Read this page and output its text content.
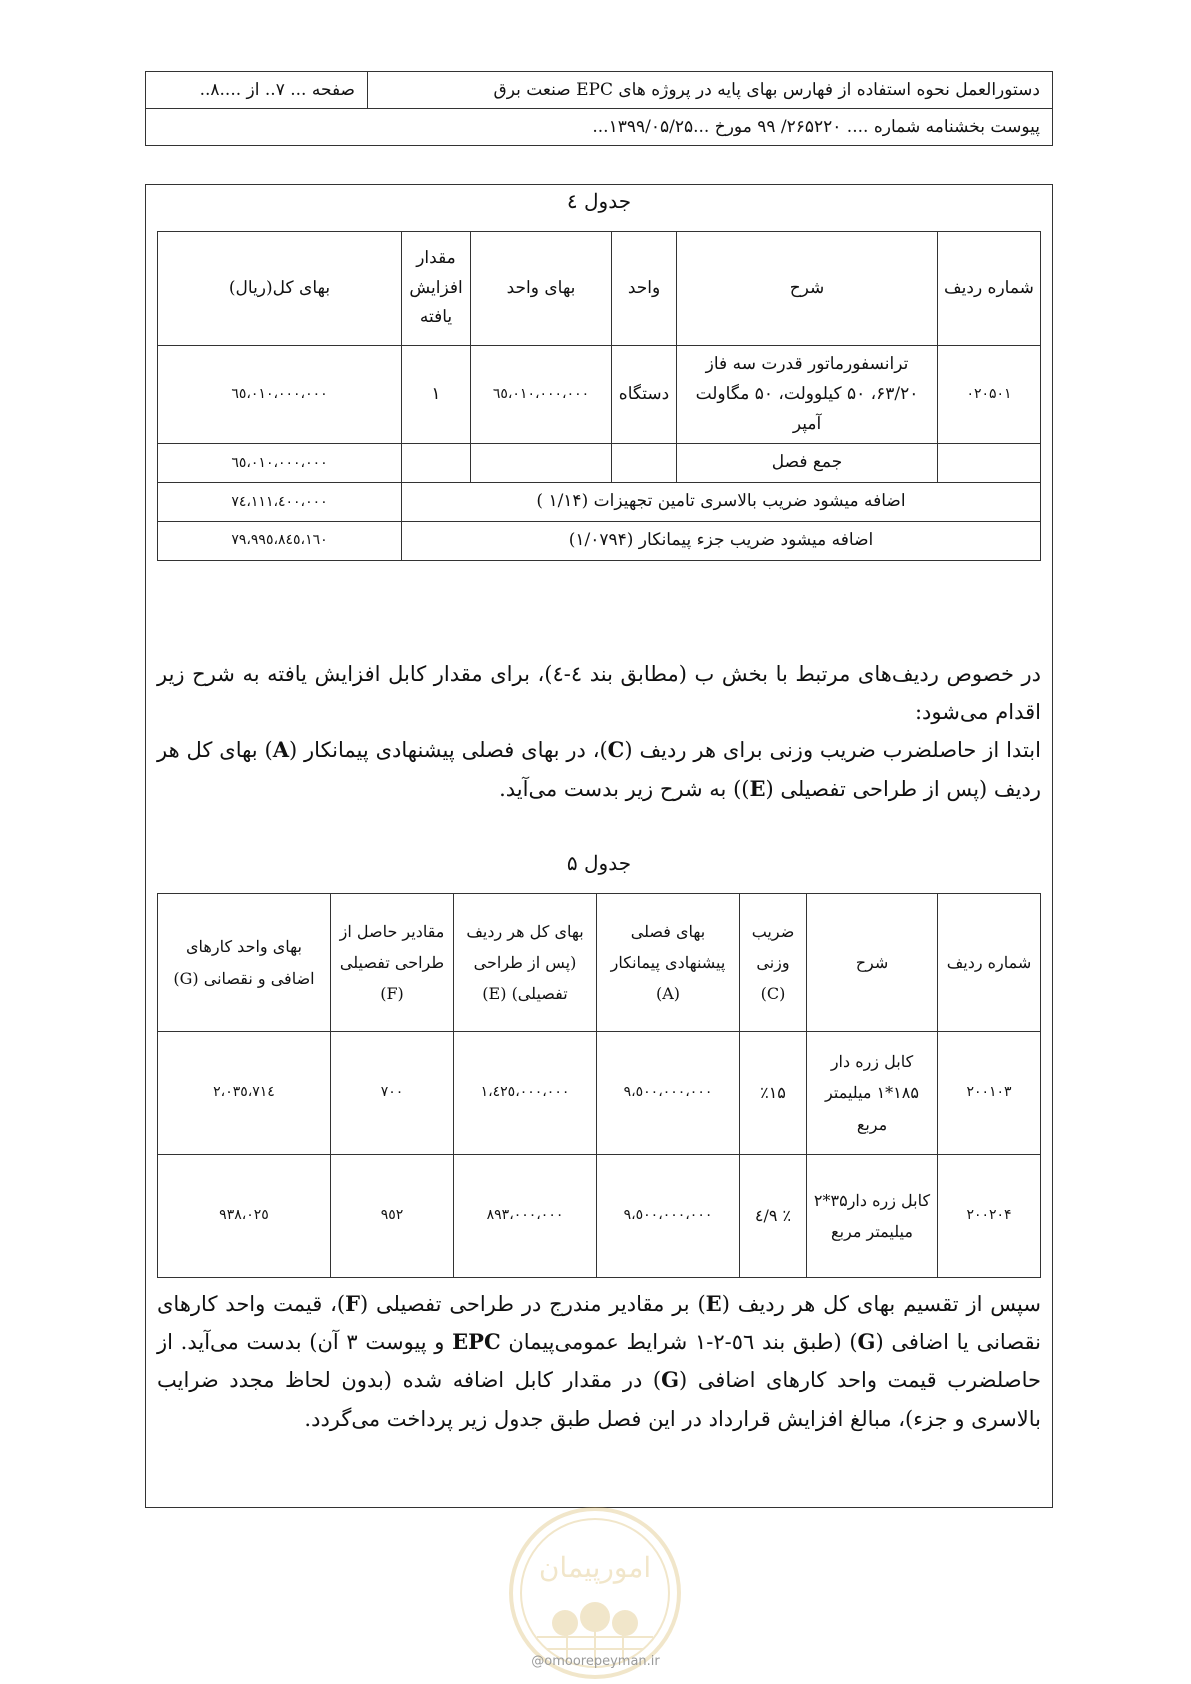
دستورالعمل نحوه استفاده از فهارس بهای پایه در پروژه های EPC صنعت برق	صفحه ... ۷.. از ....۸..
پیوست بخشنامه شماره .... ۲۶۵۲۲۰/ ۹۹ مورخ ...۱۳۹۹/۰۵/۲۵...
جدول ٤
شماره ردیف	شرح	واحد	بهای واحد	مقدار افزایش یافته	بهای کل(ریال)
۰۲۰۵۰۱	ترانسفورماتور قدرت سه فاز ۶۳/۲۰، ۵۰ کیلوولت، ۵۰ مگاولت آمپر	دستگاه	٦٥،٠١٠،٠٠٠،٠٠٠	١	٦٥،٠١٠،٠٠٠،٠٠٠
	جمع فصل				٦٥،٠١٠،٠٠٠،٠٠٠
اضافه میشود ضریب بالاسری تامین تجهیزات (۱/۱۴ )					٧٤،١١١،٤٠٠،٠٠٠
اضافه میشود ضریب جزء پیمانکار (۱/۰۷۹۴)					٧٩،٩٩٥،٨٤٥،١٦٠
در خصوص ردیف‌های مرتبط با بخش ب (مطابق بند ٤-٤)، برای مقدار کابل افزایش یافته به شرح زیر اقدام می‌شود:
ابتدا از حاصلضرب ضریب وزنی برای هر ردیف (C)، در بهای فصلی پیشنهادی پیمانکار (A) بهای کل هر ردیف (پس از طراحی تفصیلی (E)) به شرح زیر بدست می‌آید.
جدول ۵
شماره ردیف	شرح	ضریب وزنی (C)	بهای فصلی پیشنهادی پیمانکار (A)	بهای کل هر ردیف (پس از طراحی تفصیلی) (E)	مقادیر حاصل از طراحی تفصیلی (F)	بهای واحد کارهای اضافی و نقصانی (G)
۲۰۰۱۰۳	کابل زره دار ۱۸۵*۱ میلیمتر مربع	٪۱۵	٩،٥٠٠،٠٠٠،٠٠٠	١،٤٢٥،٠٠٠،٠٠٠	٧٠٠	٢،٠٣٥،٧١٤
۲۰۰۲۰۴	کابل زره دار۳۵*۲ میلیمتر مربع	٪ ۹/٤	٩،٥٠٠،٠٠٠،٠٠٠	٨٩٣،٠٠٠،٠٠٠	٩٥٢	٩٣٨،٠٢٥
سپس از تقسیم بهای کل هر ردیف (E) بر مقادیر مندرج در طراحی تفصیلی (F)، قیمت واحد کارهای نقصانی یا اضافی (G) (طبق بند ٥٦-٢-١ شرایط عمومی‌پیمان EPC و پیوست ۳ آن) بدست می‌آید. از حاصلضرب قیمت واحد کارهای اضافی (G) در مقدار کابل اضافه شده (بدون لحاظ مجدد ضرایب بالاسری و جزء)، مبالغ افزایش قرارداد در این فصل طبق جدول زیر پرداخت می‌گردد.
امورپیمان
@omoorepeyman.ir
